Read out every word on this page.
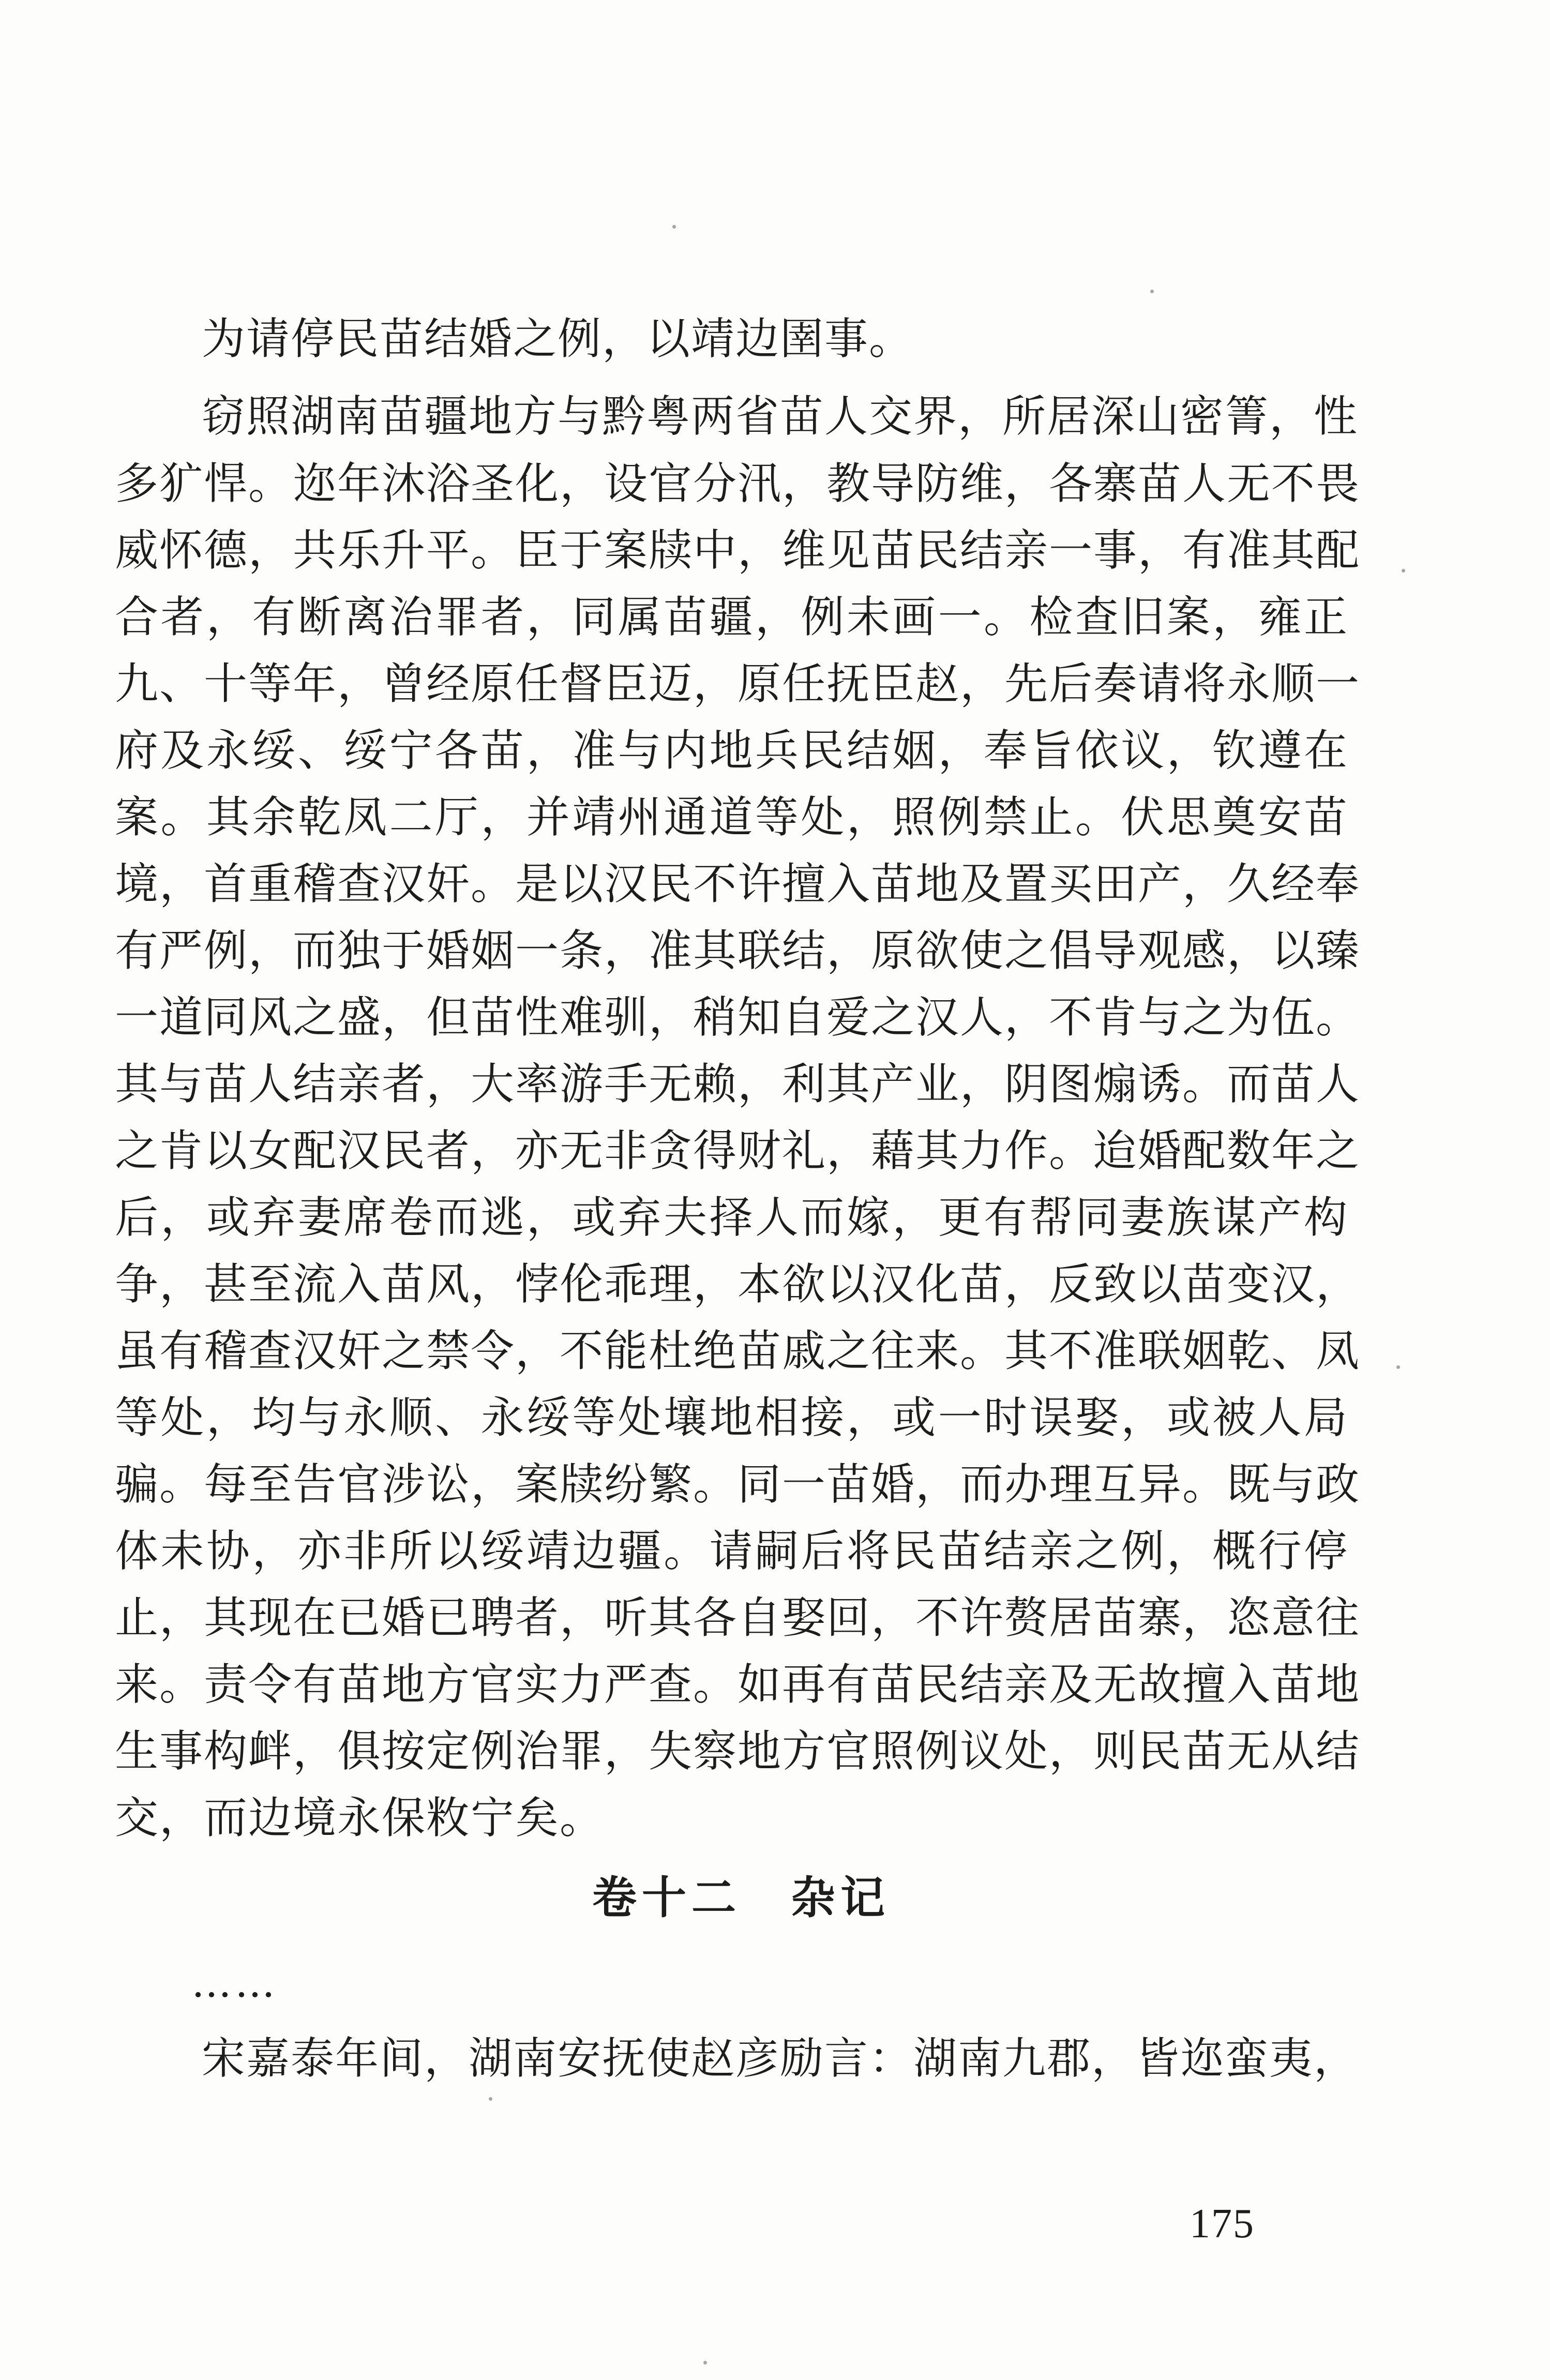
为请停民苗结婚之例，以靖边圉事。
窃照湖南苗疆地方与黔粤两省苗人交界，所居深山密箐，性
多犷悍。迩年沐浴圣化，设官分汛，教导防维，各寨苗人无不畏
威怀德，共乐升平。臣于案牍中，维见苗民结亲一事，有准其配
合者，有断离治罪者，同属苗疆，例未画一。检查旧案，雍正
九、十等年，曾经原任督臣迈，原任抚臣赵，先后奏请将永顺一
府及永绥、绥宁各苗，准与内地兵民结姻，奉旨依议，钦遵在
案。其余乾凤二厅，并靖州通道等处，照例禁止。伏思奠安苗
境，首重稽查汉奸。是以汉民不许擅入苗地及置买田产，久经奉
有严例，而独于婚姻一条，准其联结，原欲使之倡导观感，以臻
一道同风之盛，但苗性难驯，稍知自爱之汉人，不肯与之为伍。
其与苗人结亲者，大率游手无赖，利其产业，阴图煽诱。而苗人
之肯以女配汉民者，亦无非贪得财礼，藉其力作。迨婚配数年之
后，或弃妻席卷而逃，或弃夫择人而嫁，更有帮同妻族谋产构
争，甚至流入苗风，悖伦乖理，本欲以汉化苗，反致以苗变汉，
虽有稽查汉奸之禁令，不能杜绝苗戚之往来。其不准联姻乾、凤
等处，均与永顺、永绥等处壤地相接，或一时误娶，或被人局
骗。每至告官涉讼，案牍纷繁。同一苗婚，而办理互异。既与政
体未协，亦非所以绥靖边疆。请嗣后将民苗结亲之例，概行停
止，其现在已婚已聘者，听其各自娶回，不许赘居苗寨，恣意往
来。责令有苗地方官实力严查。如再有苗民结亲及无故擅入苗地
生事构衅，俱按定例治罪，失察地方官照例议处，则民苗无从结
交，而边境永保敉宁矣。
卷十二　杂记
……
宋嘉泰年间，湖南安抚使赵彦励言：湖南九郡，皆迩蛮夷，
175
